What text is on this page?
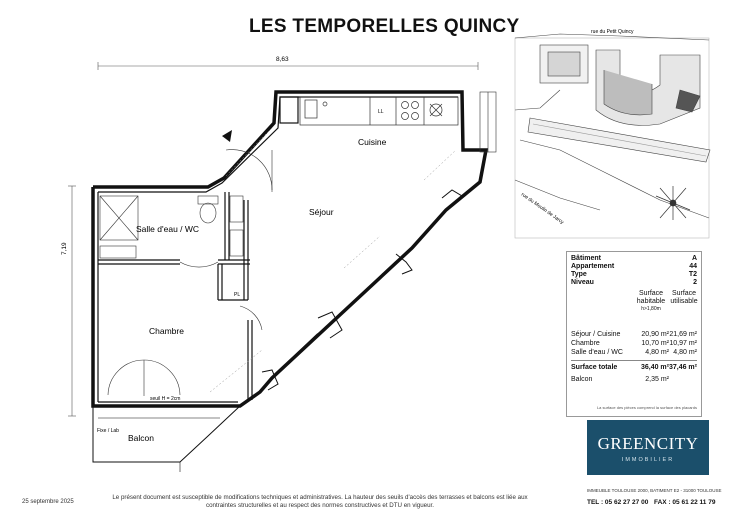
LES TEMPORELLES QUINCY
LL
8,63
7,19
Cuisine
Séjour
Salle d'eau / WC
Chambre
Balcon
PL
seuil H = 2cm
Fixe / Lab
rue du Petit Quincy
rue du Moulin de Jarcy
Bâtiment	A
Appartement	44
Type	T2
Niveau	2
Surface
habitable
h>1,80m
Surface
utilisable
Séjour / Cuisine	20,90 m² 21,69 m²
Chambre	10,70 m² 10,97 m²
Salle d'eau / WC	4,80 m² 4,80 m²
Surface totale	36,40 m² 37,46 m²
Balcon	2,35 m²
La surface des pièces comprend la surface des placards
GREENCITY
IMMOBILIER
IMMEUBLE TOULOUSE 2000, BATIMENT E2 - 31000 TOULOUSE
TEL : 05 62 27 27 00 FAX : 05 61 22 11 79
25 septembre 2025
Le présent document est susceptible de modifications techniques et administratives. La hauteur des seuils d'accès des terrasses et balcons est liée aux
contraintes structurelles et au respect des normes constructives et DTU en vigueur.
